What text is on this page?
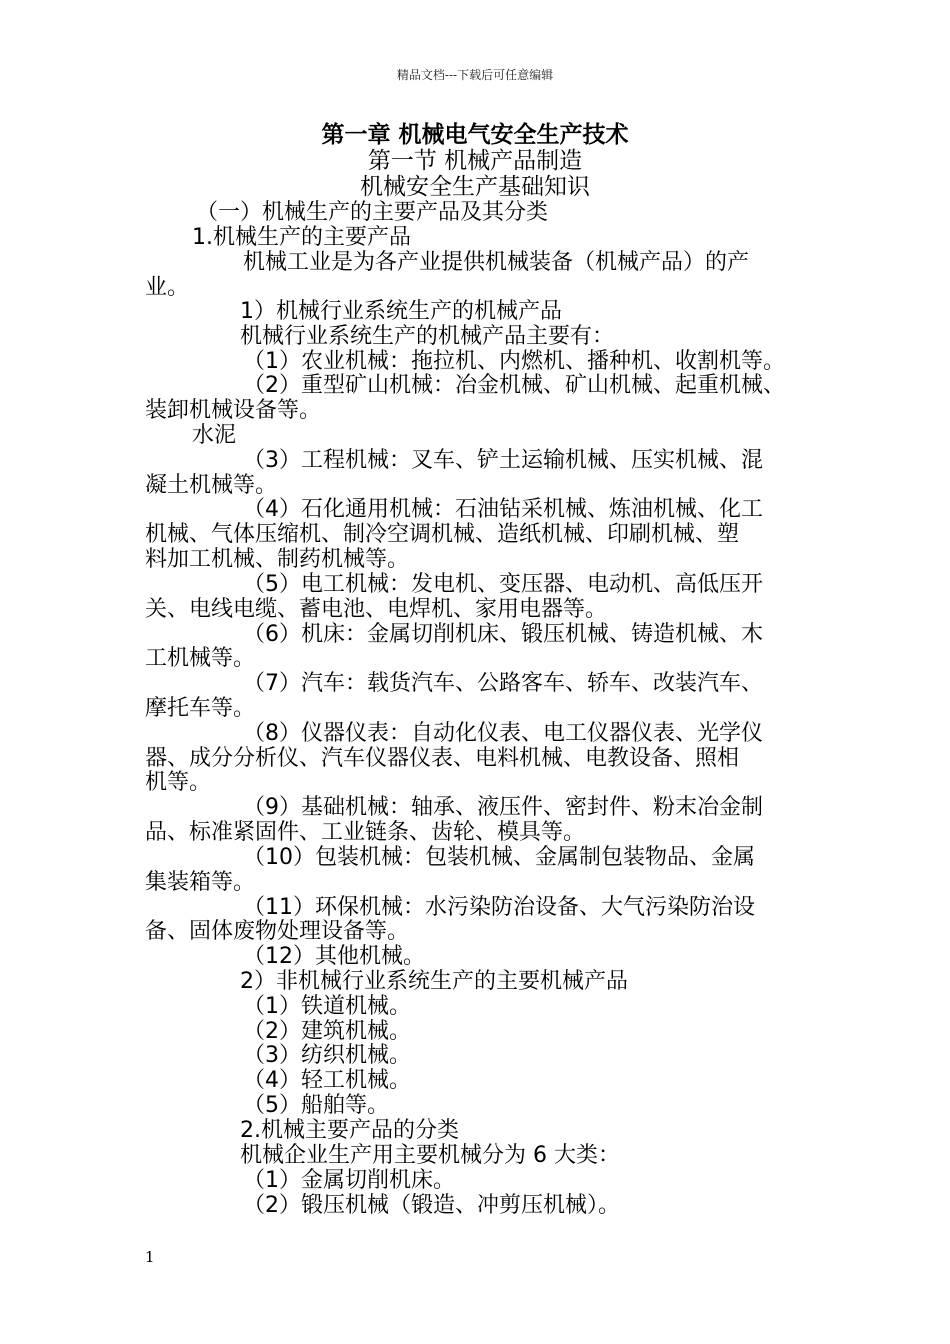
精品文档---下载后可任意编辑
第一章 机械电气安全生产技术
第一节 机械产品制造
机械安全生产基础知识
（一）机械生产的主要产品及其分类
1.机械生产的主要产品
机械工业是为各产业提供机械装备（机械产品）的产
业。
1）机械行业系统生产的机械产品
机械行业系统生产的机械产品主要有：
（1）农业机械：拖拉机、内燃机、播种机、收割机等。
（2）重型矿山机械：冶金机械、矿山机械、起重机械、
装卸机械设备等。
水泥
（3）工程机械：叉车、铲土运输机械、压实机械、混
凝土机械等。
（4）石化通用机械：石油钻采机械、炼油机械、化工
机械、气体压缩机、制冷空调机械、造纸机械、印刷机械、塑
料加工机械、制药机械等。
（5）电工机械：发电机、变压器、电动机、高低压开
关、电线电缆、蓄电池、电焊机、家用电器等。
（6）机床：金属切削机床、锻压机械、铸造机械、木
工机械等。
（7）汽车：载货汽车、公路客车、轿车、改装汽车、
摩托车等。
（8）仪器仪表：自动化仪表、电工仪器仪表、光学仪
器、成分分析仪、汽车仪器仪表、电料机械、电教设备、照相
机等。
（9）基础机械：轴承、液压件、密封件、粉末冶金制
品、标准紧固件、工业链条、齿轮、模具等。
（10）包装机械：包装机械、金属制包装物品、金属
集装箱等。
（11）环保机械：水污染防治设备、大气污染防治设
备、固体废物处理设备等。
（12）其他机械。
2）非机械行业系统生产的主要机械产品
（1）铁道机械。
（2）建筑机械。
（3）纺织机械。
（4）轻工机械。
（5）船舶等。
2.机械主要产品的分类
机械企业生产用主要机械分为 6 大类：
（1）金属切削机床。
（2）锻压机械（锻造、冲剪压机械）。
1
